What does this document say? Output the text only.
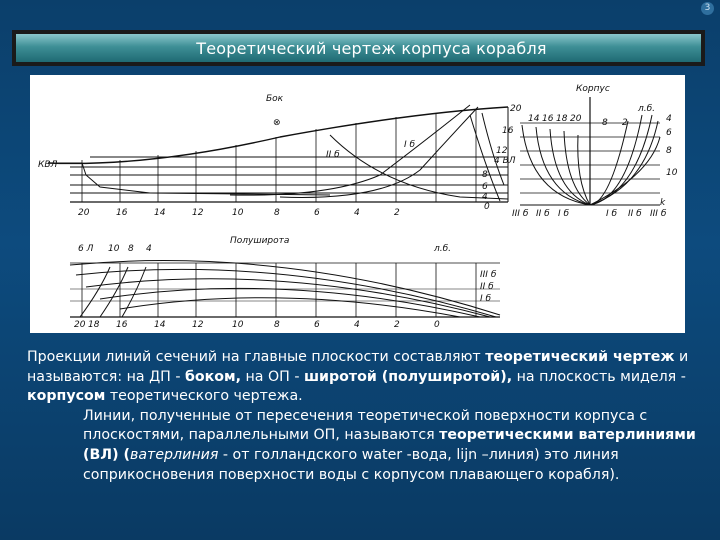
3
Теоретический чертеж корпуса корабля
Бок
КВЛ
⊗
II б
I б
20
16
12
4 ВЛ
8
6
4
0
20	16	14	12	10	8	6	4	2
Корпус
14 16 18 20
л.б.
8 2	4
6
8
10
k
III б II б I б	I б II б III б
Полуширота
6 Л 10 8 4	л.б.
III б
II б
I б
20 18 16	14	12	10	8	6	4	2	0

Проекции линий сечений на главные плоскости составляют теоретический чертеж и называются: на ДП - боком, на ОП - широтой (полуширотой), на плоскость миделя - корпусом теоретического чертежа.

Линии, полученные от пересечения теоретической поверхности корпуса с плоскостями, параллельными ОП, называются теоретическими ватерлиниями (ВЛ) (ватерлиния - от голландского water -вода, lijn –линия) это линия соприкосновения поверхности воды с корпусом плавающего корабля).
